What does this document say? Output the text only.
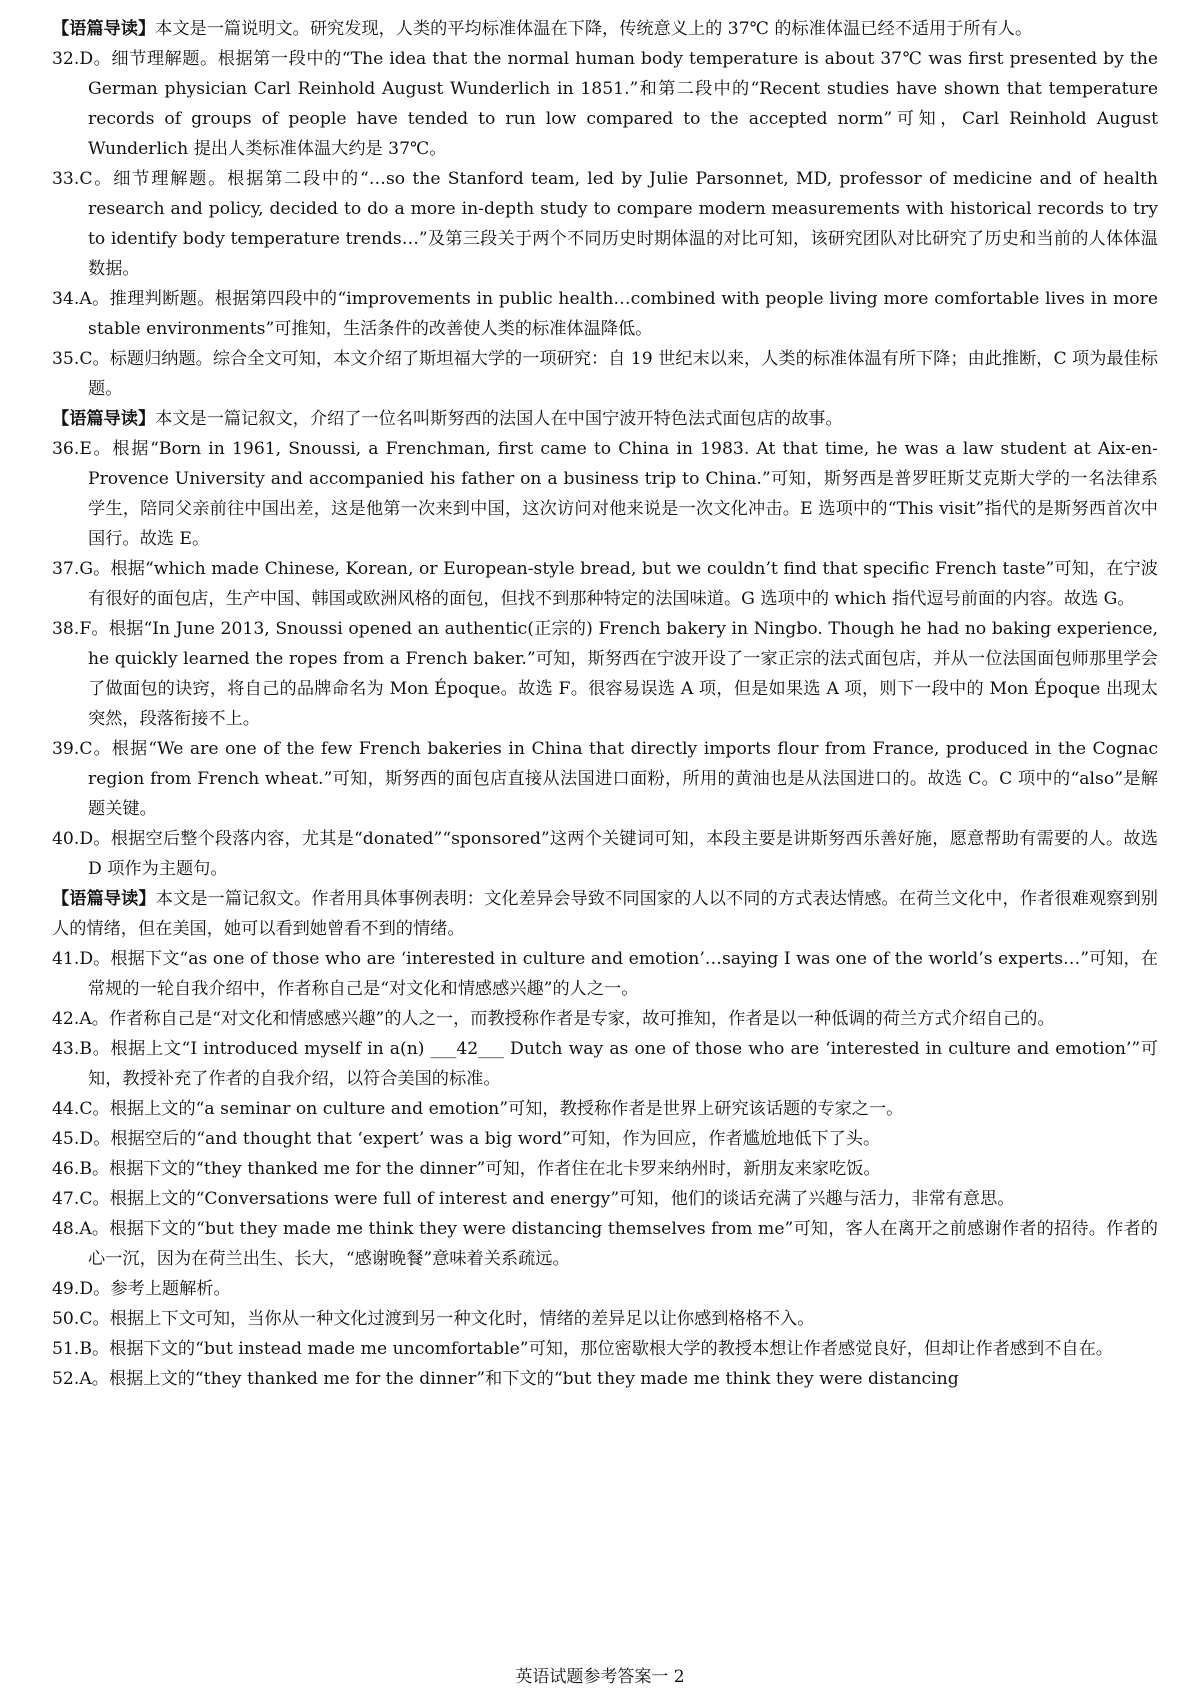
【语篇导读】本文是一篇说明文。研究发现，人类的平均标准体温在下降，传统意义上的 37℃ 的标准体温已经不适用于所有人。

32.D。细节理解题。根据第一段中的“The idea that the normal human body temperature is about 37℃ was first presented by the German physician Carl Reinhold August Wunderlich in 1851.”和第二段中的“Recent studies have shown that temperature records of groups of people have tended to run low compared to the accepted norm”可知，Carl Reinhold August Wunderlich 提出人类标准体温大约是 37℃。

33.C。细节理解题。根据第二段中的“…so the Stanford team, led by Julie Parsonnet, MD, professor of medicine and of health research and policy, decided to do a more in-depth study to compare modern measurements with historical records to try to identify body temperature trends…”及第三段关于两个不同历史时期体温的对比可知，该研究团队对比研究了历史和当前的人体体温数据。

34.A。推理判断题。根据第四段中的“improvements in public health…combined with people living more comfortable lives in more stable environments”可推知，生活条件的改善使人类的标准体温降低。

35.C。标题归纳题。综合全文可知，本文介绍了斯坦福大学的一项研究：自 19 世纪末以来，人类的标准体温有所下降；由此推断，C 项为最佳标题。

【语篇导读】本文是一篇记叙文，介绍了一位名叫斯努西的法国人在中国宁波开特色法式面包店的故事。

36.E。根据“Born in 1961, Snoussi, a Frenchman, first came to China in 1983. At that time, he was a law student at Aix-en-Provence University and accompanied his father on a business trip to China.”可知，斯努西是普罗旺斯艾克斯大学的一名法律系学生，陪同父亲前往中国出差，这是他第一次来到中国，这次访问对他来说是一次文化冲击。E 选项中的“This visit”指代的是斯努西首次中国行。故选 E。

37.G。根据“which made Chinese, Korean, or European-style bread, but we couldn’t find that specific French taste”可知，在宁波有很好的面包店，生产中国、韩国或欧洲风格的面包，但找不到那种特定的法国味道。G 选项中的 which 指代逗号前面的内容。故选 G。

38.F。根据“In June 2013, Snoussi opened an authentic(正宗的) French bakery in Ningbo. Though he had no baking experience, he quickly learned the ropes from a French baker.”可知，斯努西在宁波开设了一家正宗的法式面包店，并从一位法国面包师那里学会了做面包的诀窍，将自己的品牌命名为 Mon Époque。故选 F。很容易误选 A 项，但是如果选 A 项，则下一段中的 Mon Époque 出现太突然，段落衔接不上。

39.C。根据“We are one of the few French bakeries in China that directly imports flour from France, produced in the Cognac region from French wheat.”可知，斯努西的面包店直接从法国进口面粉，所用的黄油也是从法国进口的。故选 C。C 项中的“also”是解题关键。

40.D。根据空后整个段落内容，尤其是“donated”“sponsored”这两个关键词可知，本段主要是讲斯努西乐善好施，愿意帮助有需要的人。故选 D 项作为主题句。

【语篇导读】本文是一篇记叙文。作者用具体事例表明：文化差异会导致不同国家的人以不同的方式表达情感。在荷兰文化中，作者很难观察到别人的情绪，但在美国，她可以看到她曾看不到的情绪。

41.D。根据下文“as one of those who are ‘interested in culture and emotion’…saying I was one of the world’s experts…”可知，在常规的一轮自我介绍中，作者称自己是“对文化和情感感兴趣”的人之一。

42.A。作者称自己是“对文化和情感感兴趣”的人之一，而教授称作者是专家，故可推知，作者是以一种低调的荷兰方式介绍自己的。

43.B。根据上文“I introduced myself in a(n) ___42___ Dutch way as one of those who are ‘interested in culture and emotion’”可知，教授补充了作者的自我介绍，以符合美国的标准。

44.C。根据上文的“a seminar on culture and emotion”可知，教授称作者是世界上研究该话题的专家之一。

45.D。根据空后的“and thought that ‘expert’ was a big word”可知，作为回应，作者尴尬地低下了头。

46.B。根据下文的“they thanked me for the dinner”可知，作者住在北卡罗来纳州时，新朋友来家吃饭。

47.C。根据上文的“Conversations were full of interest and energy”可知，他们的谈话充满了兴趣与活力，非常有意思。

48.A。根据下文的“but they made me think they were distancing themselves from me”可知，客人在离开之前感谢作者的招待。作者的心一沉，因为在荷兰出生、长大，“感谢晚餐”意味着关系疏远。

49.D。参考上题解析。

50.C。根据上下文可知，当你从一种文化过渡到另一种文化时，情绪的差异足以让你感到格格不入。

51.B。根据下文的“but instead made me uncomfortable”可知，那位密歇根大学的教授本想让作者感觉良好，但却让作者感到不自在。

52.A。根据上文的“they thanked me for the dinner”和下文的“but they made me think they were distancing

英语试题参考答案一 2
